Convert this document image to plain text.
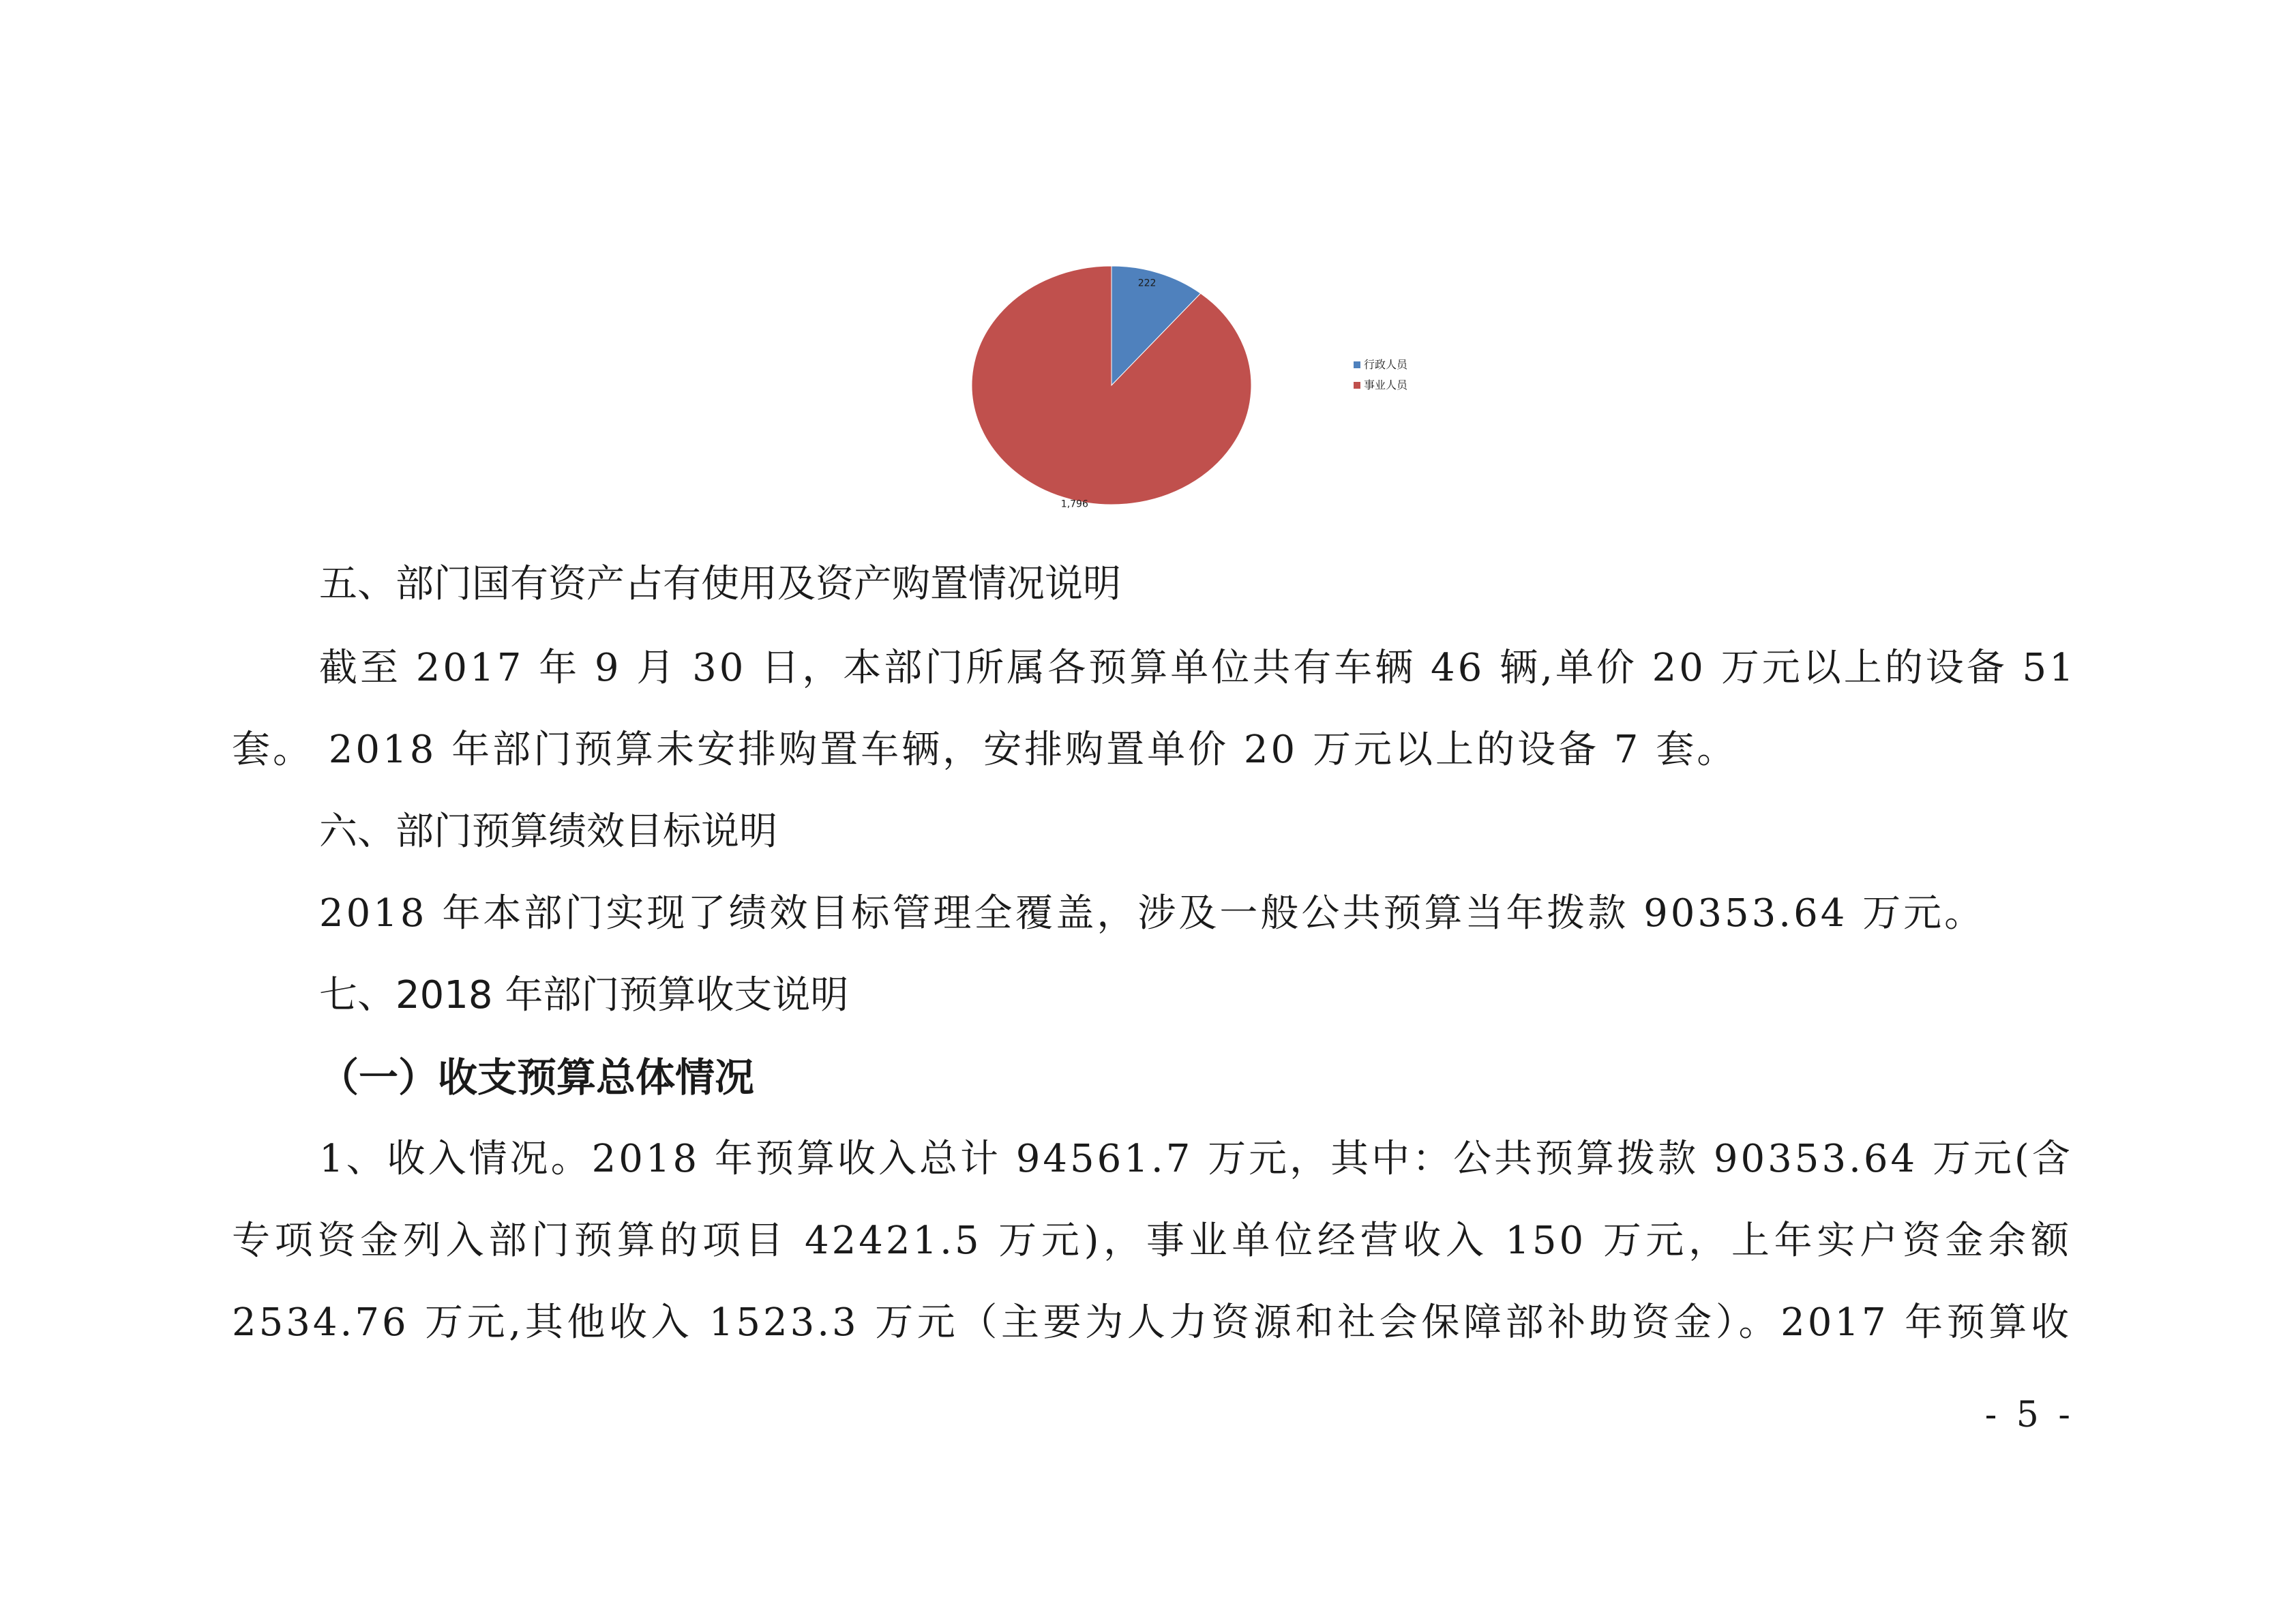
222
1,796
行政人员
事业人员
五、部门国有资产占有使用及资产购置情况说明
截至 2017 年 9 月 30 日，本部门所属各预算单位共有车辆 46 辆,单价 20 万元以上的设备 51
套。 2018 年部门预算未安排购置车辆，安排购置单价 20 万元以上的设备 7 套。
六、部门预算绩效目标说明
2018 年本部门实现了绩效目标管理全覆盖，涉及一般公共预算当年拨款 90353.64 万元。
七、2018 年部门预算收支说明
（一）收支预算总体情况
1、收入情况。2018 年预算收入总计 94561.7 万元，其中：公共预算拨款 90353.64 万元(含
专项资金列入部门预算的项目 42421.5 万元)，事业单位经营收入 150 万元，上年实户资金余额
2534.76 万元,其他收入 1523.3 万元（主要为人力资源和社会保障部补助资金）。2017 年预算收
- 5 -
